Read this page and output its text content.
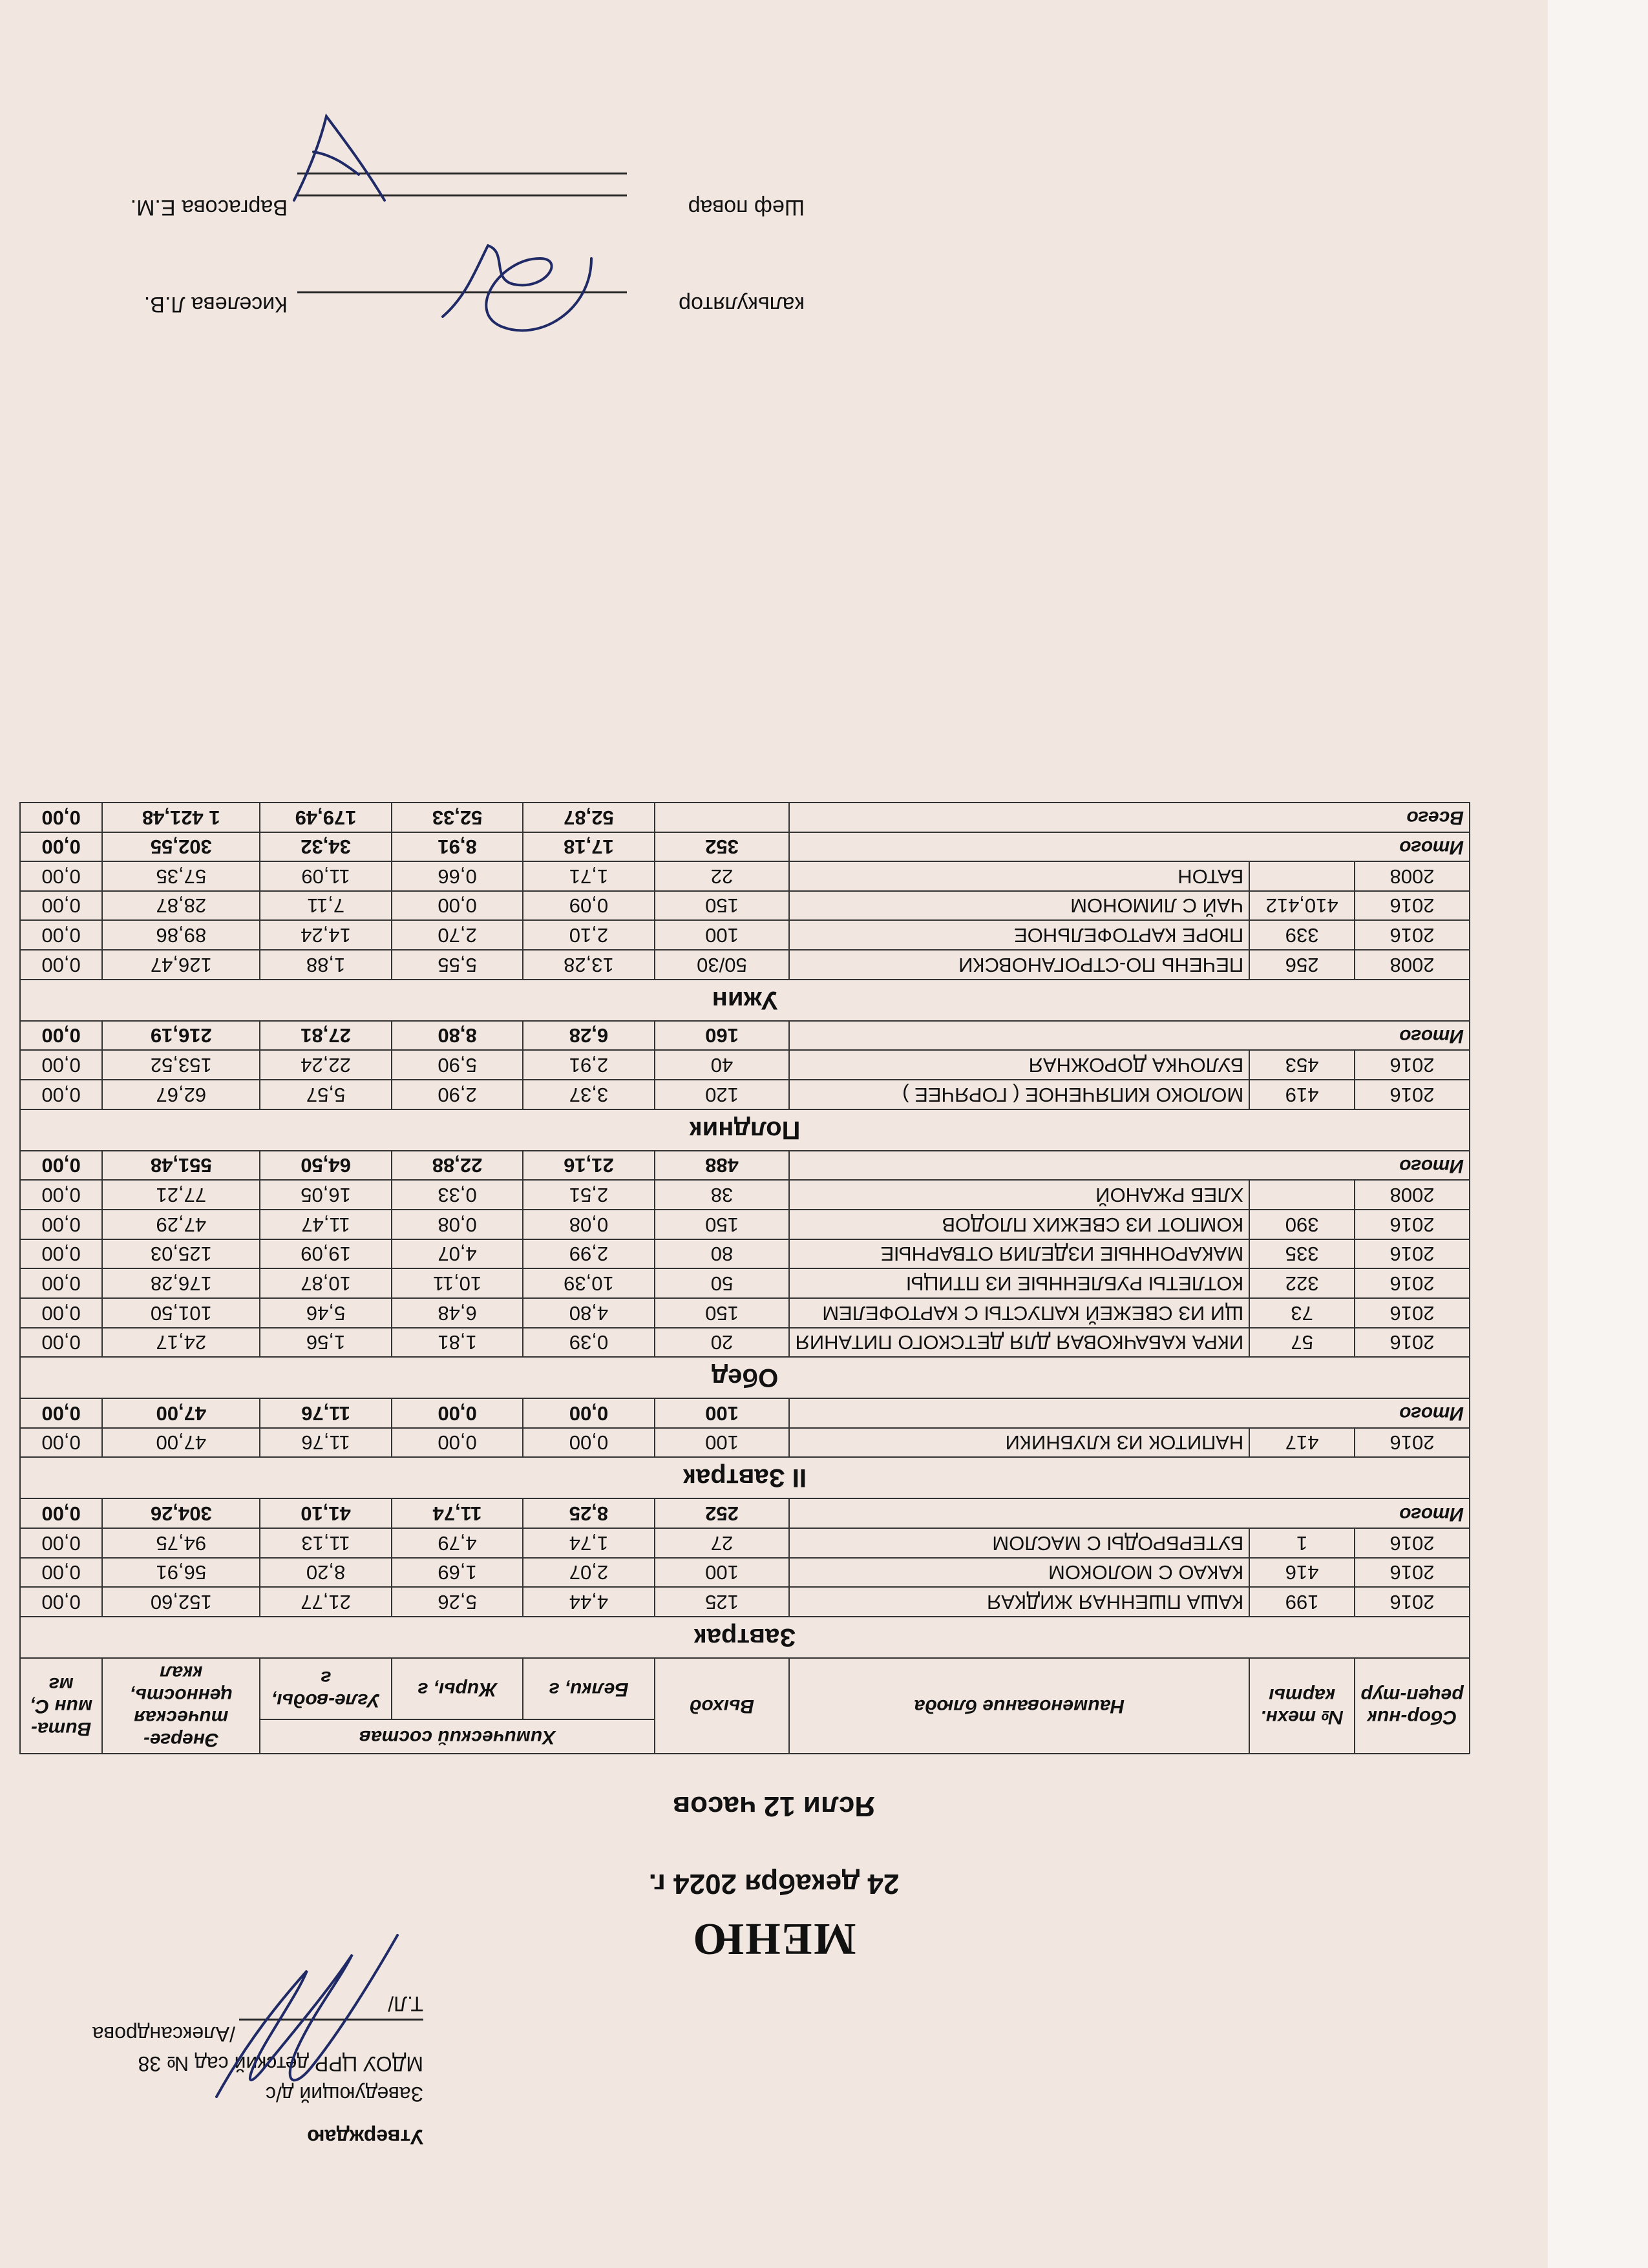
Утверждаю
Заведующий д/с
МДОУ ЦРР детский сад № 38
/Александрова Т.Л/
МЕНЮ
24 декабря 2024 г.
Ясли 12 часов
Сбор-ник рецеп-тур	№ техн. карты	Наименование блюда	Выход	Химический состав			Энерге-тическая ценность, ккал	Вита-мин С, мг
				Белки, г	Жиры, г	Угле-воды, г		
Завтрак								
2016	199	КАША ПШЕННАЯ ЖИДКАЯ	125	4,44	5,26	21,77	152,60	0,00
2016	416	КАКАО С МОЛОКОМ	100	2,07	1,69	8,20	56,91	0,00
2016	1	БУТЕРБРОДЫ С МАСЛОМ	27	1,74	4,79	11,13	94,75	0,00
Итого			252	8,25	11,74	41,10	304,26	0,00
II Завтрак								
2016	417	НАПИТОК ИЗ КЛУБНИКИ	100	0,00	0,00	11,76	47,00	0,00
Итого			100	0,00	0,00	11,76	47,00	0,00
Обед								
2016	57	ИКРА КАБАЧКОВАЯ ДЛЯ ДЕТСКОГО ПИТАНИЯ	20	0,39	1,81	1,56	24,17	0,00
2016	73	ЩИ ИЗ СВЕЖЕЙ КАПУСТЫ С КАРТОФЕЛЕМ	150	4,80	6,48	5,46	101,50	0,00
2016	322	КОТЛЕТЫ РУБЛЕННЫЕ ИЗ ПТИЦЫ	50	10,39	10,11	10,87	176,28	0,00
2016	335	МАКАРОННЫЕ ИЗДЕЛИЯ ОТВАРНЫЕ	80	2,99	4,07	19,09	125,03	0,00
2016	390	КОМПОТ ИЗ СВЕЖИХ ПЛОДОВ	150	0,08	0,08	11,47	47,29	0,00
2008		ХЛЕБ РЖАНОЙ	38	2,51	0,33	16,05	77,21	0,00
Итого			488	21,16	22,88	64,50	551,48	0,00
Полдник								
2016	419	МОЛОКО КИПЯЧЕНОЕ ( ГОРЯЧЕЕ )	120	3,37	2,90	5,57	62,67	0,00
2016	453	БУЛОЧКА ДОРОЖНАЯ	40	2,91	5,90	22,24	153,52	0,00
Итого			160	6,28	8,80	27,81	216,19	0,00
Ужин								
2008	256	ПЕЧЕНЬ ПО-СТРОГАНОВСКИ	50/30	13,28	5,55	1,88	126,47	0,00
2016	339	ПЮРЕ КАРТОФЕЛЬНОЕ	100	2,10	2,70	14,24	89,86	0,00
2016	410,412	ЧАЙ С ЛИМОНОМ	150	0,09	0,00	7,11	28,87	0,00
2008		БАТОН	22	1,71	0,66	11,09	57,35	0,00
Итого			352	17,18	8,91	34,32	302,55	0,00
Всего				52,87	52,33	179,49	1 421,48	0,00
калькулятор
Киселева Л.В.
Шеф повар
Варгасова Е.М.
